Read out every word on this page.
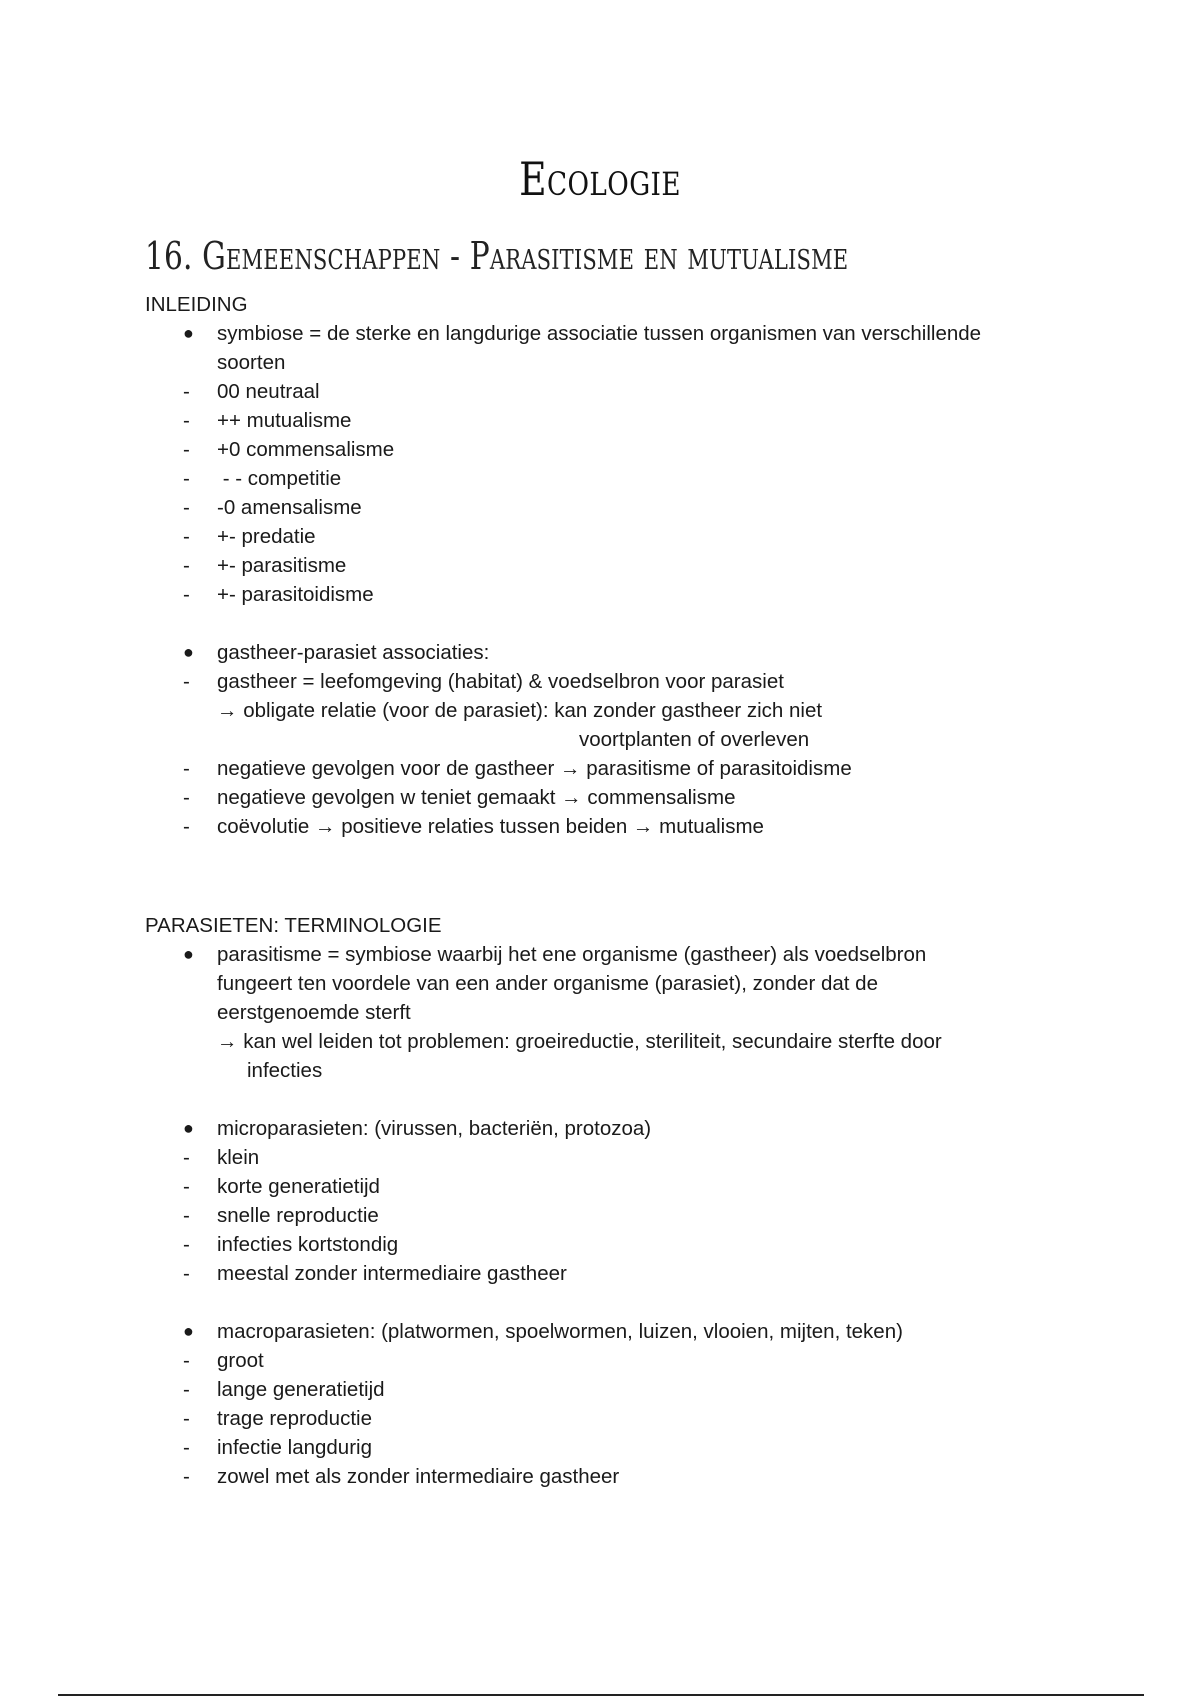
Ecologie
16. Gemeenschappen - Parasitisme en mutualisme

INLEIDING

● symbiose = de sterke en langdurige associatie tussen organismen van verschillende
soorten
- 00 neutraal
- ++ mutualisme
- +0 commensalisme
- - - competitie
- -0 amensalisme
- +- predatie
- +- parasitisme
- +- parasitoidisme
● gastheer-parasiet associaties:
- gastheer = leefomgeving (habitat) & voedselbron voor parasiet
→ obligate relatie (voor de parasiet): kan zonder gastheer zich niet
voortplanten of overleven
- negatieve gevolgen voor de gastheer → parasitisme of parasitoidisme
- negatieve gevolgen w teniet gemaakt → commensalisme
- coëvolutie → positieve relaties tussen beiden → mutualisme

PARASIETEN: TERMINOLOGIE

● parasitisme = symbiose waarbij het ene organisme (gastheer) als voedselbron
fungeert ten voordele van een ander organisme (parasiet), zonder dat de
eerstgenoemde sterft
→ kan wel leiden tot problemen: groeireductie, steriliteit, secundaire sterfte door
infecties
● microparasieten: (virussen, bacteriën, protozoa)
- klein
- korte generatietijd
- snelle reproductie
- infecties kortstondig
- meestal zonder intermediaire gastheer
● macroparasieten: (platwormen, spoelwormen, luizen, vlooien, mijten, teken)
- groot
- lange generatietijd
- trage reproductie
- infectie langdurig
- zowel met als zonder intermediaire gastheer
